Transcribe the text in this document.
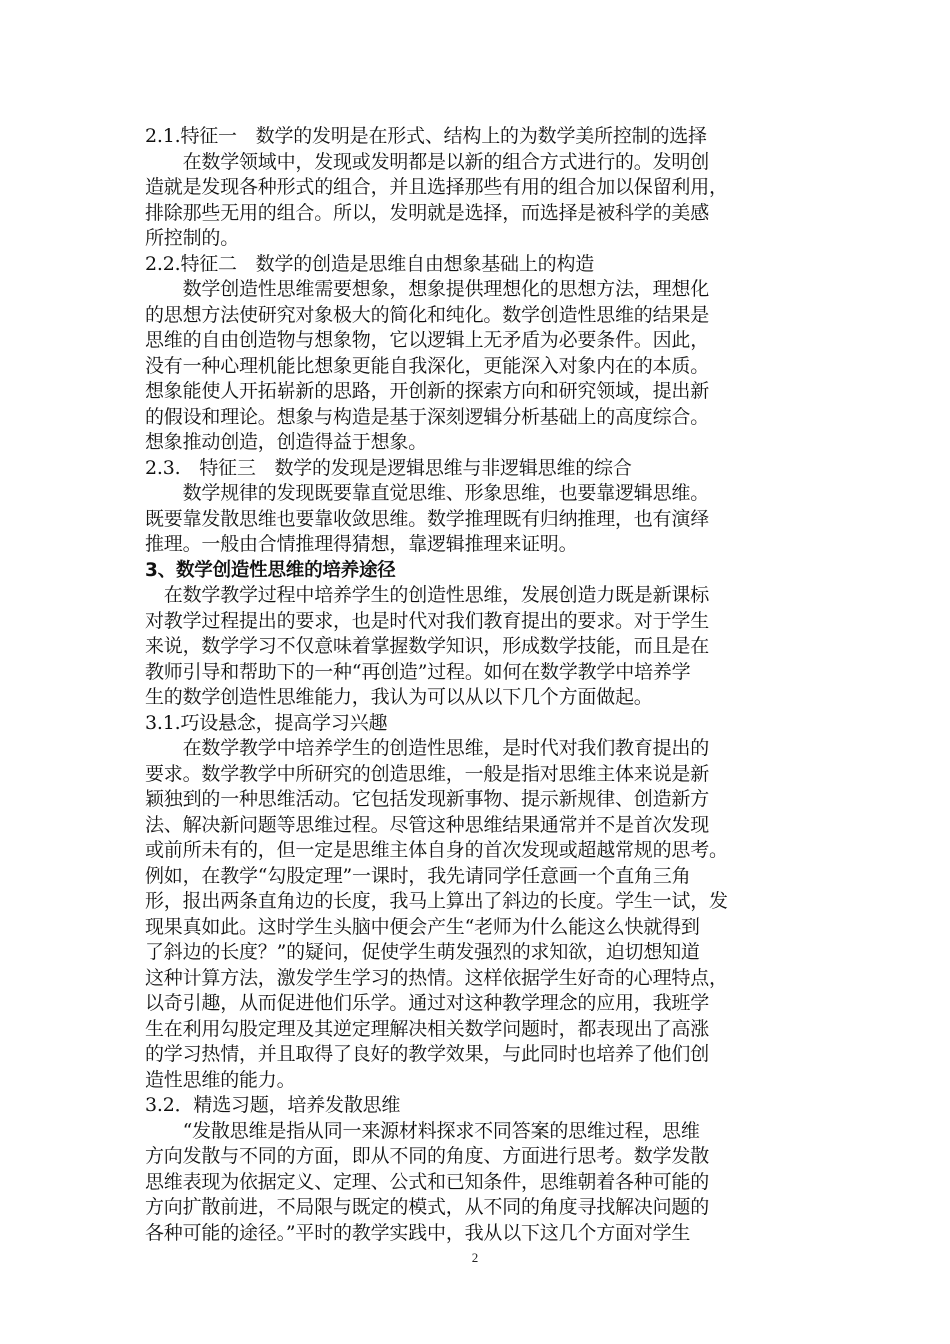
2.1.特征一　数学的发明是在形式、结构上的为数学美所控制的选择
　　在数学领域中，发现或发明都是以新的组合方式进行的。发明创
造就是发现各种形式的组合，并且选择那些有用的组合加以保留利用，
排除那些无用的组合。所以，发明就是选择，而选择是被科学的美感
所控制的。
2.2.特征二　数学的创造是思维自由想象基础上的构造
　　数学创造性思维需要想象，想象提供理想化的思想方法，理想化
的思想方法使研究对象极大的简化和纯化。数学创造性思维的结果是
思维的自由创造物与想象物，它以逻辑上无矛盾为必要条件。因此，
没有一种心理机能比想象更能自我深化，更能深入对象内在的本质。
想象能使人开拓崭新的思路，开创新的探索方向和研究领域，提出新
的假设和理论。想象与构造是基于深刻逻辑分析基础上的高度综合。
想象推动创造，创造得益于想象。
2.3.　特征三　数学的发现是逻辑思维与非逻辑思维的综合
　　数学规律的发现既要靠直觉思维、形象思维，也要靠逻辑思维。
既要靠发散思维也要靠收敛思维。数学推理既有归纳推理，也有演绎
推理。一般由合情推理得猜想，靠逻辑推理来证明。
3、数学创造性思维的培养途径
　在数学教学过程中培养学生的创造性思维，发展创造力既是新课标
对教学过程提出的要求，也是时代对我们教育提出的要求。对于学生
来说，数学学习不仅意味着掌握数学知识，形成数学技能，而且是在
教师引导和帮助下的一种“再创造”过程。如何在数学教学中培养学
生的数学创造性思维能力，我认为可以从以下几个方面做起。
3.1.巧设悬念，提高学习兴趣
　　在数学教学中培养学生的创造性思维，是时代对我们教育提出的
要求。数学教学中所研究的创造思维，一般是指对思维主体来说是新
颖独到的一种思维活动。它包括发现新事物、提示新规律、创造新方
法、解决新问题等思维过程。尽管这种思维结果通常并不是首次发现
或前所未有的，但一定是思维主体自身的首次发现或超越常规的思考。
例如，在教学“勾股定理”一课时，我先请同学任意画一个直角三角
形，报出两条直角边的长度，我马上算出了斜边的长度。学生一试，发
现果真如此。这时学生头脑中便会产生“老师为什么能这么快就得到
了斜边的长度？”的疑问，促使学生萌发强烈的求知欲，迫切想知道
这种计算方法，激发学生学习的热情。这样依据学生好奇的心理特点，
以奇引趣，从而促进他们乐学。通过对这种教学理念的应用，我班学
生在利用勾股定理及其逆定理解决相关数学问题时，都表现出了高涨
的学习热情，并且取得了良好的教学效果，与此同时也培养了他们创
造性思维的能力。
3.2．精选习题，培养发散思维
　　“发散思维是指从同一来源材料探求不同答案的思维过程，思维
方向发散与不同的方面，即从不同的角度、方面进行思考。数学发散
思维表现为依据定义、定理、公式和已知条件，思维朝着各种可能的
方向扩散前进，不局限与既定的模式，从不同的角度寻找解决问题的
各种可能的途径。”平时的教学实践中，我从以下这几个方面对学生
2
